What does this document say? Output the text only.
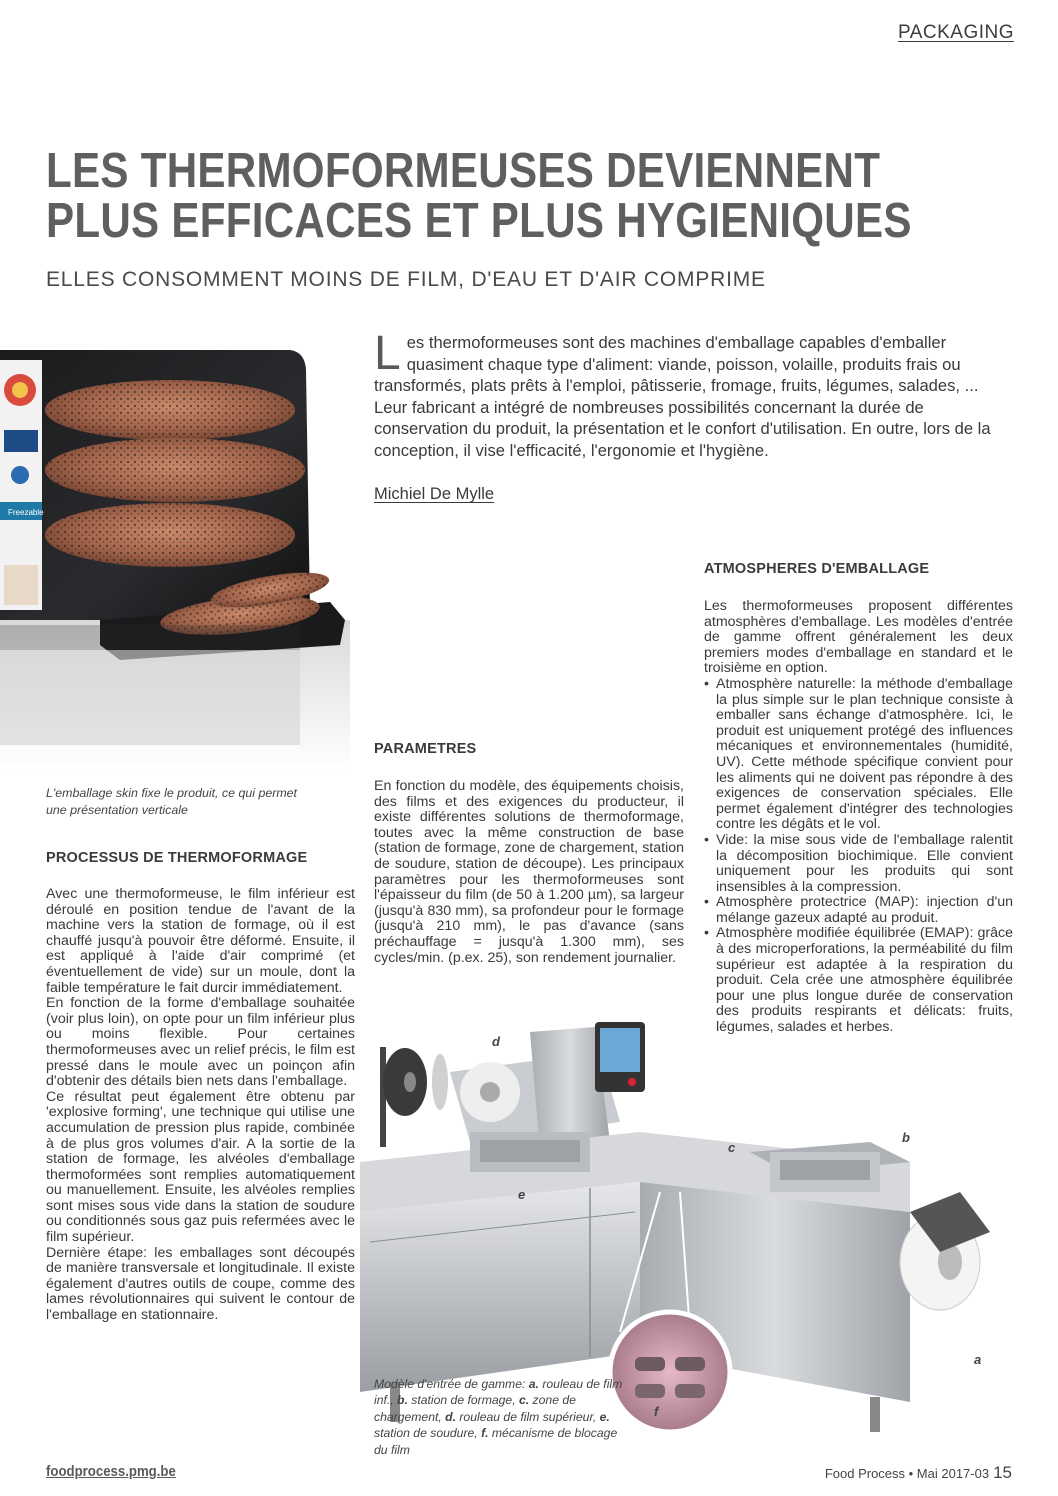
PACKAGING
LES THERMOFORMEUSES DEVIENNENT
PLUS EFFICACES ET PLUS HYGIENIQUES
ELLES CONSOMMENT MOINS DE FILM, D'EAU ET D'AIR COMPRIME
Freezable
L es thermoformeuses sont des machines d'emballage capables d'emballer quasiment chaque type d'aliment: viande, poisson, volaille, produits frais ou transformés, plats prêts à l'emploi, pâtisserie, fromage, fruits, légumes, salades, ... Leur fabricant a intégré de nombreuses possibilités concernant la durée de conservation du produit, la présentation et le confort d'utilisation. En outre, lors de la conception, il vise l'efficacité, l'ergonomie et l'hygiène.
Michiel De Mylle
L'emballage skin fixe le produit, ce qui permet une présentation verticale
PROCESSUS DE THERMOFORMAGE

Avec une thermoformeuse, le film inférieur est déroulé en position tendue de l'avant de la machine vers la station de formage, où il est chauffé jusqu'à pouvoir être déformé. Ensuite, il est appliqué à l'aide d'air comprimé (et éventuellement de vide) sur un moule, dont la faible température le fait durcir immédiatement.

En fonction de la forme d'emballage souhaitée (voir plus loin), on opte pour un film inférieur plus ou moins flexible. Pour certaines thermoformeuses avec un relief précis, le film est pressé dans le moule avec un poinçon afin d'obtenir des détails bien nets dans l'emballage.

Ce résultat peut également être obtenu par 'explosive forming', une technique qui utilise une accumulation de pression plus rapide, combinée à de plus gros volumes d'air. A la sortie de la station de formage, les alvéoles d'emballage thermoformées sont remplies automatiquement ou manuellement. Ensuite, les alvéoles remplies sont mises sous vide dans la station de soudure ou conditionnés sous gaz puis refermées avec le film supérieur.

Dernière étape: les emballages sont découpés de manière transversale et longitudinale. Il existe également d'autres outils de coupe, comme des lames révolutionnaires qui suivent le contour de l'emballage en stationnaire.

PARAMETRES

En fonction du modèle, des équipements choisis, des films et des exigences du producteur, il existe différentes solutions de thermoformage, toutes avec la même construction de base (station de formage, zone de chargement, station de soudure, station de découpe). Les principaux paramètres pour les thermoformeuses sont l'épaisseur du film (de 50 à 1.200 µm), sa largeur (jusqu'à 830 mm), sa profondeur pour le formage (jusqu'à 210 mm), le pas d'avance (sans préchauffage = jusqu'à 1.300 mm), ses cycles/min. (p.ex. 25), son rendement journalier.

ATMOSPHERES D'EMBALLAGE

Les thermoformeuses proposent différentes atmosphères d'emballage. Les modèles d'entrée de gamme offrent généralement les deux premiers modes d'emballage en standard et le troisième en option.

• Atmosphère naturelle: la méthode d'emballage la plus simple sur le plan technique consiste à emballer sans échange d'atmosphère. Ici, le produit est uniquement protégé des influences mécaniques et environnementales (humidité, UV). Cette méthode spécifique convient pour les aliments qui ne doivent pas répondre à des exigences de conservation spéciales. Elle permet également d'intégrer des technologies contre les dégâts et le vol.
• Vide: la mise sous vide de l'emballage ralentit la décomposition biochimique. Elle convient uniquement pour les produits qui sont insensibles à la compression.
• Atmosphère protectrice (MAP): injection d'un mélange gazeux adapté au produit.
• Atmosphère modifiée équilibrée (EMAP): grâce à des microperforations, la perméabilité du film supérieur est adaptée à la respiration du produit. Cela crée une atmosphère équilibrée pour une plus longue durée de conservation des produits respirants et délicats: fruits, légumes, salades et herbes.
d
b
c
e
a
f
Modèle d'entrée de gamme: a. rouleau de film inf., b. station de formage, c. zone de chargement, d. rouleau de film supérieur, e. station de soudure, f. mécanisme de blocage du film
foodprocess.pmg.be	Food Process • Mai 2017-03 15
